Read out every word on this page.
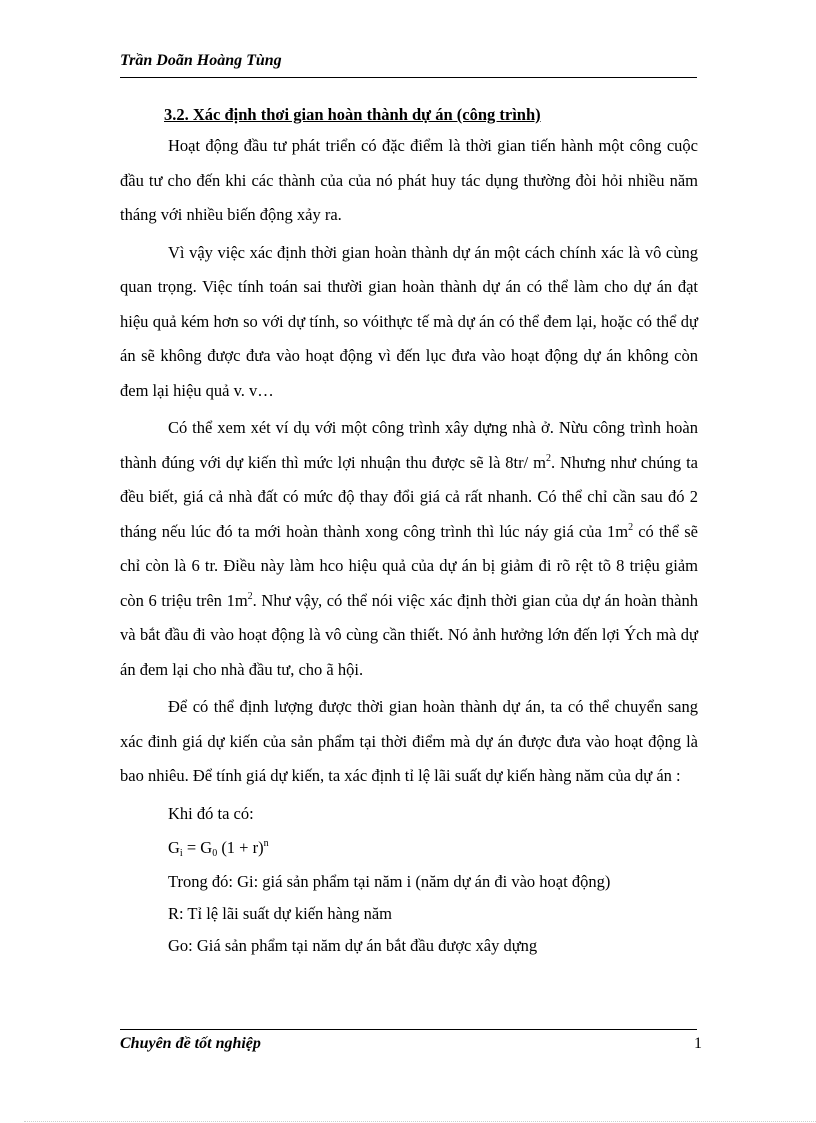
Trần Doãn Hoàng Tùng
3.2. Xác định thơi gian hoàn thành dự án (công trình)

Hoạt động đầu tư phát triển có đặc điểm là thời gian tiến hành một công cuộc đầu tư cho đến khi các thành của của nó phát huy tác dụng thường đòi hỏi nhiều năm tháng với nhiều biến động xảy ra.

Vì vậy việc xác định thời gian hoàn thành dự án một cách chính xác là vô cùng quan trọng. Việc tính toán sai thười gian hoàn thành dự án có thể làm cho dự án đạt hiệu quả kém hơn so với dự tính, so vóithực tế mà dự án có thể đem lại, hoặc có thể dự án sẽ không được đưa vào hoạt động vì đến lục đưa vào hoạt động dự án không còn đem lại hiệu quả v. v…

Có thể xem xét ví dụ với một công trình xây dựng nhà ở. Nừu công trình hoàn thành đúng với dự kiến thì mức lợi nhuận thu được sẽ là 8tr/ $m^2$. Nhưng như chúng ta đều biết, giá cả nhà đất có mức độ thay đổi giá cả rất nhanh. Có thể chỉ cần sau đó 2 tháng nếu lúc đó ta mới hoàn thành xong công trình thì lúc náy giá của $1m^2$ có thể sẽ chỉ còn là 6 tr. Điều này làm hco hiệu quả của dự án bị giảm đi rõ rệt tõ 8 triệu giảm còn 6 triệu trên $1m^2$. Như vậy, có thể nói việc xác định thời gian của dự án hoàn thành và bắt đầu đi vào hoạt động là vô cùng cần thiết. Nó ảnh hưởng lớn đến lợi Ých mà dự án đem lại cho nhà đầu tư, cho ã hội.

Để có thể định lượng được thời gian hoàn thành dự án, ta có thể chuyển sang xác đinh giá dự kiến của sản phẩm tại thời điểm mà dự án được đưa vào hoạt động là bao nhiêu. Để tính giá dự kiến, ta xác định tỉ lệ lãi suất dự kiến hàng năm của dự án :

Khi đó ta có:
$G_i = G_0$ $(1 + r)^n$
Trong đó: Gi: giá sản phẩm tại năm i (năm dự án đi vào hoạt động)
R: Tỉ lệ lãi suất dự kiến hàng năm
Go: Giá sản phẩm tại năm dự án bắt đầu được xây dựng
Chuyên đề tốt nghiệp	1
